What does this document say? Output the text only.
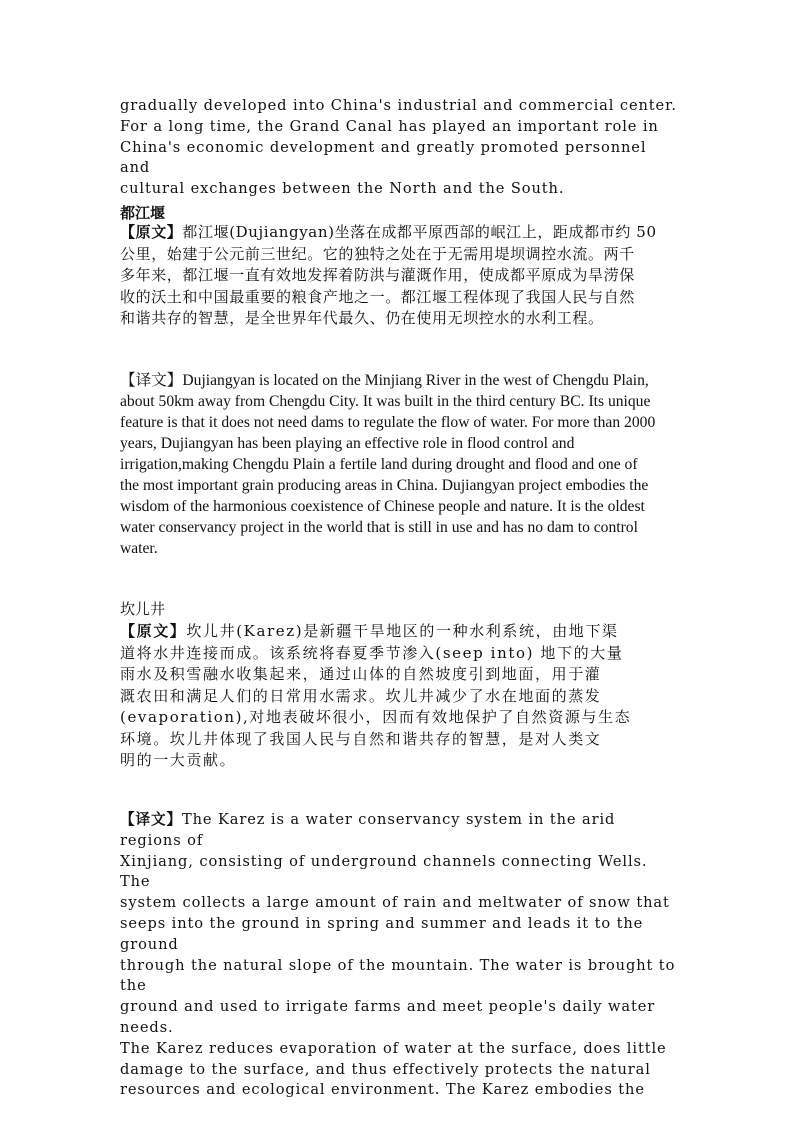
gradually developed into China's industrial and commercial center.
For a long time, the Grand Canal has played an important role in
China's economic development and greatly promoted personnel and
cultural exchanges between the North and the South.

都江堰

【原文】都江堰(Dujiangyan)坐落在成都平原西部的岷江上，距成都市约 50
公里，始建于公元前三世纪。它的独特之处在于无需用堤坝调控水流。两千
多年来，都江堰一直有效地发挥着防洪与灌溉作用，使成都平原成为旱涝保
收的沃土和中国最重要的粮食产地之一。都江堰工程体现了我国人民与自然
和谐共存的智慧，是全世界年代最久、仍在使用无坝控水的水利工程。

【译文】Dujiangyan is located on the Minjiang River in the west of Chengdu Plain,
about 50km away from Chengdu City. It was built in the third century BC. Its unique
feature is that it does not need dams to regulate the flow of water. For more than 2000
years, Dujiangyan has been playing an effective role in flood control and
irrigation,making Chengdu Plain a fertile land during drought and flood and one of
the most important grain producing areas in China. Dujiangyan project embodies the
wisdom of the harmonious coexistence of Chinese people and nature. It is the oldest
water conservancy project in the world that is still in use and has no dam to control
water.

坎儿井

【原文】坎儿井(Karez)是新疆干旱地区的一种水利系统，由地下渠
道将水井连接而成。该系统将春夏季节渗入(seep into) 地下的大量
雨水及积雪融水收集起来，通过山体的自然坡度引到地面，用于灌
溉农田和满足人们的日常用水需求。坎儿井减少了水在地面的蒸发
(evaporation),对地表破坏很小，因而有效地保护了自然资源与生态
环境。坎儿井体现了我国人民与自然和谐共存的智慧，是对人类文
明的一大贡献。

【译文】The Karez is a water conservancy system in the arid regions of
Xinjiang, consisting of underground channels connecting Wells. The
system collects a large amount of rain and meltwater of snow that
seeps into the ground in spring and summer and leads it to the ground
through the natural slope of the mountain. The water is brought to the
ground and used to irrigate farms and meet people's daily water needs.
The Karez reduces evaporation of water at the surface, does little
damage to the surface, and thus effectively protects the natural
resources and ecological environment. The Karez embodies the
